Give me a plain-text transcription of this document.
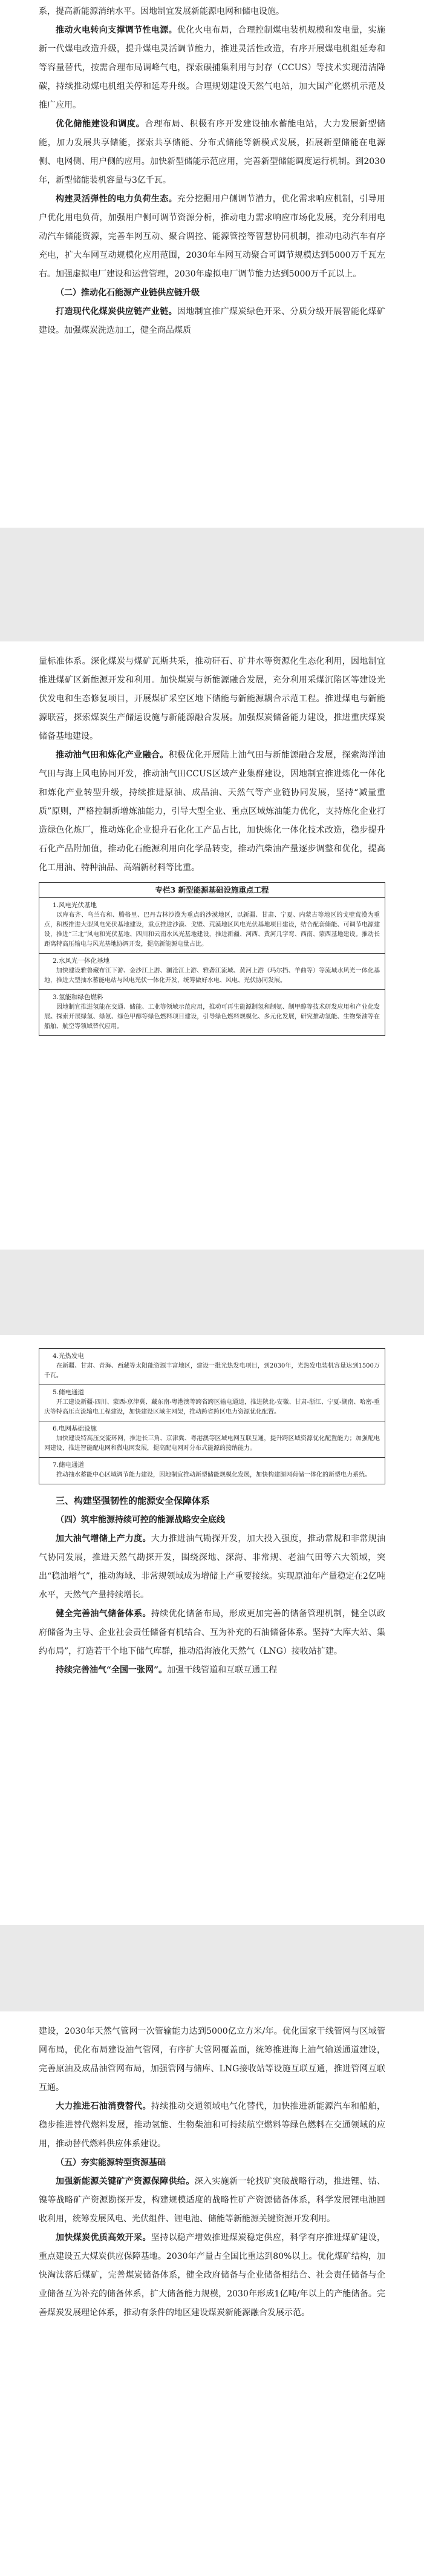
系，提高新能源消纳水平。因地制宜发展新能源电网和储电设施。

推动火电转向支撑调节性电源。优化火电布局，合理控制煤电装机规模和发电量，实施新一代煤电改造升级，提升煤电灵活调节能力，推进灵活性改造，有序开展煤电机组延寿和等容量替代，按需合理布局调峰气电，探索碳捕集利用与封存（CCUS）等技术实现清洁降碳，持续推动煤电机组关停和延寿升级。合理规划建设天然气电站，加大国产化燃机示范及推广应用。

优化储能建设和调度。合理布局、积极有序开发建设抽水蓄能电站，大力发展新型储能，加力发展共享储能，探索共享储能、分布式储能等新模式发展，拓展新型储能在电源侧、电网侧、用户侧的应用。加快新型储能示范应用，完善新型储能调度运行机制。到2030年，新型储能装机容量与3亿千瓦。

构建灵活弹性的电力负荷生态。充分挖掘用户侧调节潜力，优化需求响应机制，引导用户优化用电负荷，加强用户侧可调节资源分析，推动电力需求响应市场化发展，充分利用电动汽车储能资源，完善车网互动、聚合调控、能源管控等智慧协同机制，推动电动汽车有序充电，扩大车网互动规模化应用范围，2030年车网互动聚合可调节规模达到5000万千瓦左右。加强虚拟电厂建设和运营管理，2030年虚拟电厂调节能力达到5000万千瓦以上。

（二）推动化石能源产业链供应链升级

打造现代化煤炭供应链产业链。因地制宜推广煤炭绿色开采、分质分级开展智能化煤矿建设。加强煤炭洗选加工，健全商品煤质

量标准体系。深化煤炭与煤矿瓦斯共采，推动矸石、矿井水等资源化生态化利用，因地制宜推进煤矿区新能源开发和利用。加快煤炭与新能源融合发展，充分利用采煤沉陷区等建设光伏发电和生态修复项目，开展煤矿采空区地下储能与新能源耦合示范工程。推进煤电与新能源联营，探索煤炭生产储运设施与新能源融合发展。加强煤炭储备能力建设，推进重庆煤炭储备基地建设。

推动油气田和炼化产业融合。积极优化开展陆上油气田与新能源融合发展，探索海洋油气田与海上风电协同开发，推动油气田CCUS区域产业集群建设，因地制宜推进炼化一体化和炼化产业转型升级，持续推进原油、成品油、天然气等产业链协同发展，坚持“减量重质”原则，严格控制新增炼油能力，引导大型全业、重点区域炼油能力优化，支持炼化企业打造绿色化炼厂，推动炼化企业提升石化化工产品占比，加快炼化一体化技术改造，稳步提升石化产品附加值，推动化石能源利用向化学品转变，推动汽柴油产量逐步调整和优化，提高化工用油、特种油品、高端新材料等比重。

专栏3 新型能源基础设施重点工程

1.风电光伏基地

以库布齐、乌兰布和、腾格里、巴丹吉林沙漠为重点的沙漠地区，以新疆、甘肃、宁夏、内蒙古等地区的戈壁荒漠为重点，积极推进大型风电光伏基地建设，重点推进沙漠、戈壁、荒漠地区风电光伏基地项目建设，结合配套储能、可调节电源建设，推进“三北”风电和光伏基地、四川和云南水风光基地建设，推进新疆、河西、黄河几字弯、西南、蒙西基地建设。推动长距离特高压输电与风光基地协调开发，提高新能源电量占比。

2.水风光一体化基地

加快建设雅鲁藏布江下游、金沙江上游、澜沧江上游、雅砻江流域、黄河上游（玛尔挡、羊曲等）等流域水风光一体化基地，推进大型抽水蓄能电站与风电光伏一体化开发，统筹做好水电、风电、光伏协同发展。

3.氢能和绿色燃料

因地制宜推进氢能在交通、储能、工业等领域示范应用，推动可再生能源制氢和制氨、制甲醇等技术研发应用和产业化发展。探索开展绿氢、绿氨、绿色甲醇等绿色燃料项目建设，引导绿色燃料规模化、多元化发展，研究推动氢能、生物柴油等在船舶、航空等领域替代应用。

4.光热发电

在新疆、甘肃、青海、西藏等太阳能资源丰富地区，建设一批光热发电项目，到2030年，光热发电装机容量达到1500万千瓦。

5.储电通道

开工建设新疆-四川、蒙西-京津冀、藏东南-粤港澳等跨省跨区输电通道，推进陕北-安徽、甘肃-浙江、宁夏-湖南、哈密-重庆等特高压直流输电工程建设，加快建设区域主网架，推动跨省跨区电力资源优化配置。

6.电网基础设施

加快建设特高压交流环网，推进长三角、京津冀、粤港澳等区域电网互联互通，提升跨区域资源优化配置能力；加强配电网建设，推进智能配电网和微电网发展，提高配电网对分布式能源的接纳能力。

7.储电通道

推动抽水蓄能中心区域调节能力建设，因地制宜推动新型储能规模化发展，加快构建源网荷储一体化的新型电力系统。

三、构建坚强韧性的能源安全保障体系
（四）筑牢能源持续可控的能源战略安全底线

加大油气增储上产力度。大力推进油气勘探开发，加大投入强度，推动常规和非常规油气协同发展，推进天然气勘探开发，围绕深地、深海、非常规、老油气田等六大领域，突出“稳油增气”，推动海域、非常规领域成为增储上产重要接续。实现原油年产量稳定在2亿吨水平，天然气产量持续增长。

健全完善油气储备体系。持续优化储备布局，形成更加完善的储备管理机制，健全以政府储备为主导、企业社会责任储备有机结合、互为补充的石油储备体系。坚持“大库大站、集约布局”，打造若干个地下储气库群，推动沿海液化天然气（LNG）接收站扩建。

持续完善油气“全国一张网”。加强干线管道和互联互通工程

建设，2030年天然气管网一次管输能力达到5000亿立方米/年。优化国家干线管网与区域管网布局，优化布局建设油气管网，有序扩大管网覆盖面，统筹推进海上油气输送通道建设，完善原油及成品油管网布局，加强管网与储库、LNG接收站等设施互联互通，推进管网互联互通。

大力推进石油消费替代。持续推动交通领域电气化替代，加快推进新能源汽车和船舶，稳步推进替代燃料发展，推动氢能、生物柴油和可持续航空燃料等绿色燃料在交通领域的应用，推动替代燃料供应体系建设。

（五）夯实能源转型资源基础

加强新能源关键矿产资源保障供给。深入实施新一轮找矿突破战略行动，推进锂、钴、镍等战略矿产资源勘探开发，构建规模适度的战略性矿产资源储备体系，科学发展锂电池回收利用，统筹发展风电、光伏组件、锂电池、储能等新能源关键资源开发利用。

加快煤炭优质高效开采。坚持以稳产增效推进煤炭稳定供应，科学有序推进煤矿建设，重点建设五大煤炭供应保障基地。2030年产量占全国比重达到80%以上。优化煤矿结构，加快淘汰落后煤矿，完善煤炭储备体系，健全政府储备与企业储备相结合、社会责任储备与企业储备互为补充的储备体系，扩大储备能力规模，2030年形成1亿吨/年以上的产能储备。完善煤炭发展理论体系，推动有条件的地区建设煤炭新能源融合发展示范。
